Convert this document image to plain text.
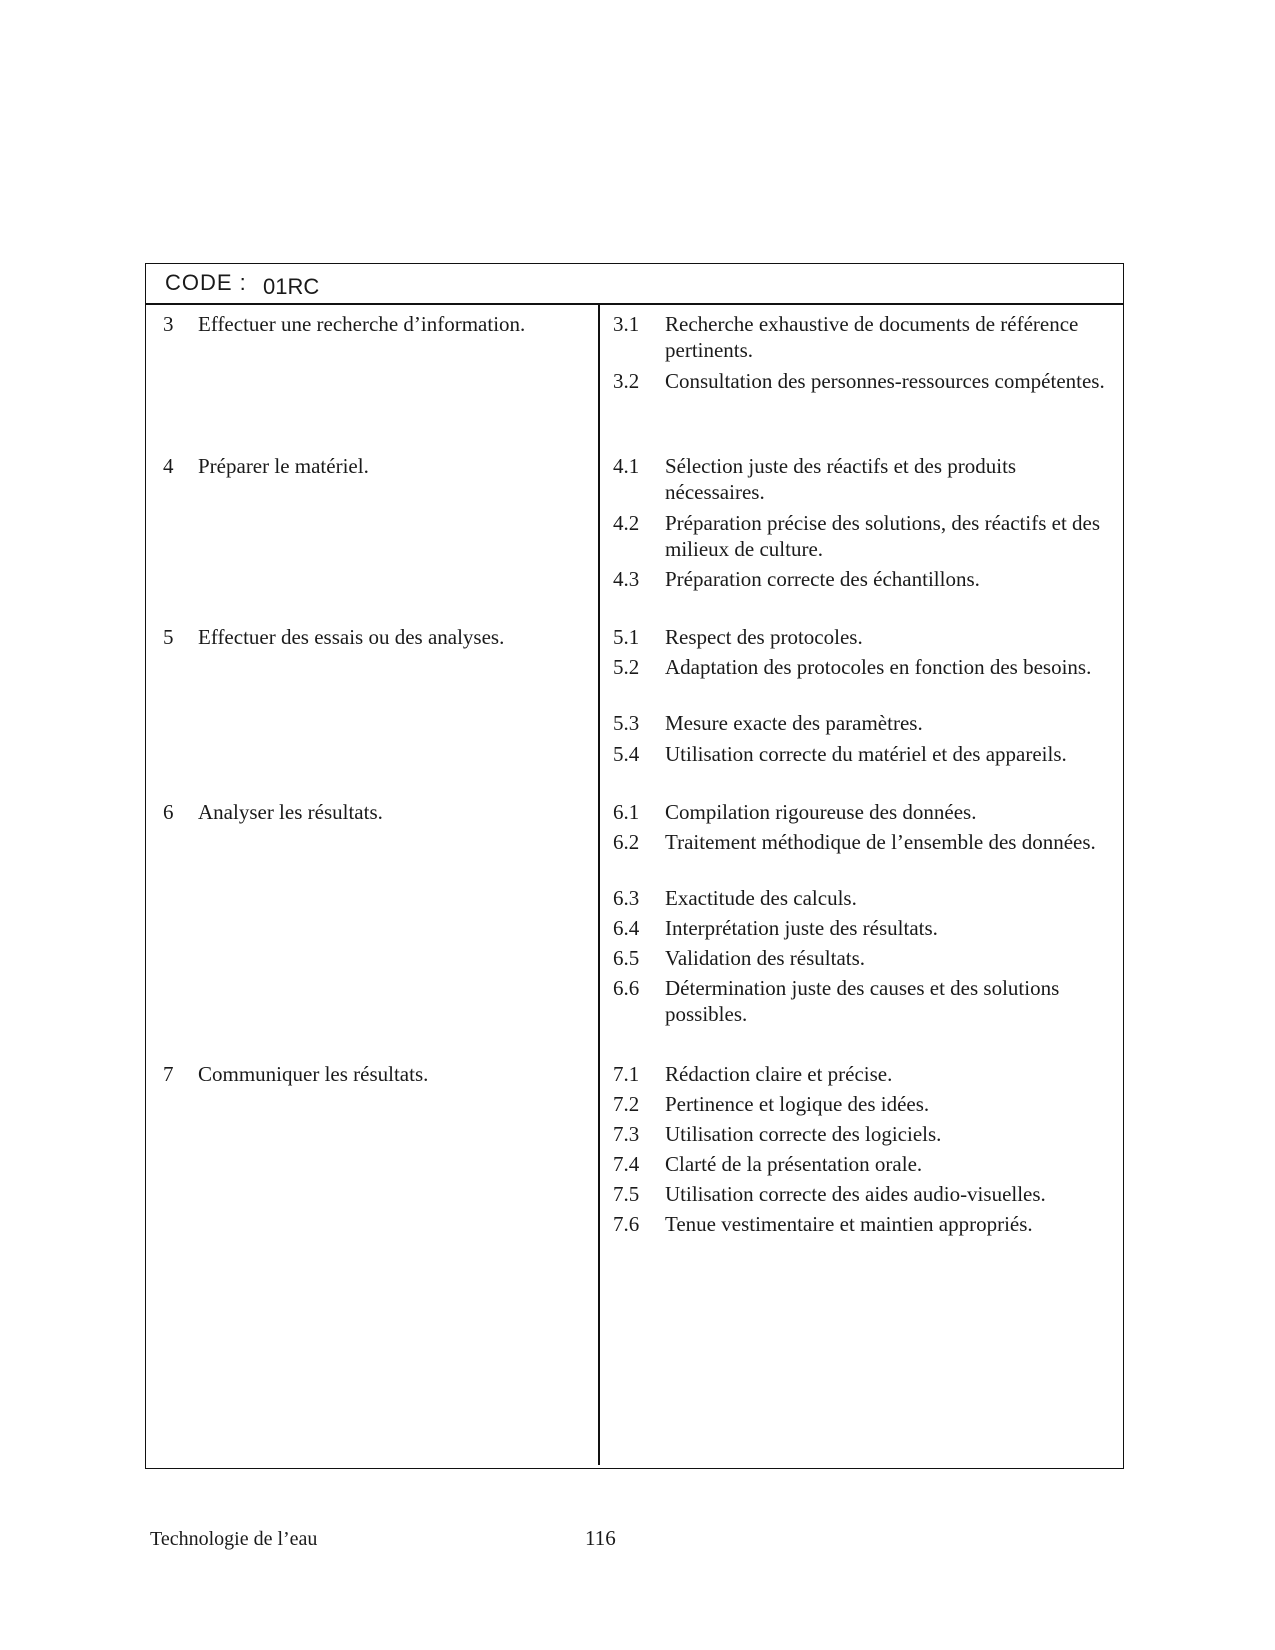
CODE : 01RC
3 Effectuer une recherche d’information.
4 Préparer le matériel.
5 Effectuer des essais ou des analyses.
6 Analyser les résultats.
7 Communiquer les résultats.
3.1 Recherche exhaustive de documents de référence pertinents.
3.2 Consultation des personnes-ressources compétentes.
4.1 Sélection juste des réactifs et des produits nécessaires.
4.2 Préparation précise des solutions, des réactifs et des milieux de culture.
4.3 Préparation correcte des échantillons.
5.1 Respect des protocoles.
5.2 Adaptation des protocoles en fonction des besoins.
5.3 Mesure exacte des paramètres.
5.4 Utilisation correcte du matériel et des appareils.
6.1 Compilation rigoureuse des données.
6.2 Traitement méthodique de l’ensemble des données.
6.3 Exactitude des calculs.
6.4 Interprétation juste des résultats.
6.5 Validation des résultats.
6.6 Détermination juste des causes et des solutions possibles.
7.1 Rédaction claire et précise.
7.2 Pertinence et logique des idées.
7.3 Utilisation correcte des logiciels.
7.4 Clarté de la présentation orale.
7.5 Utilisation correcte des aides audio-visuelles.
7.6 Tenue vestimentaire et maintien appropriés.
Technologie de l’eau	116
